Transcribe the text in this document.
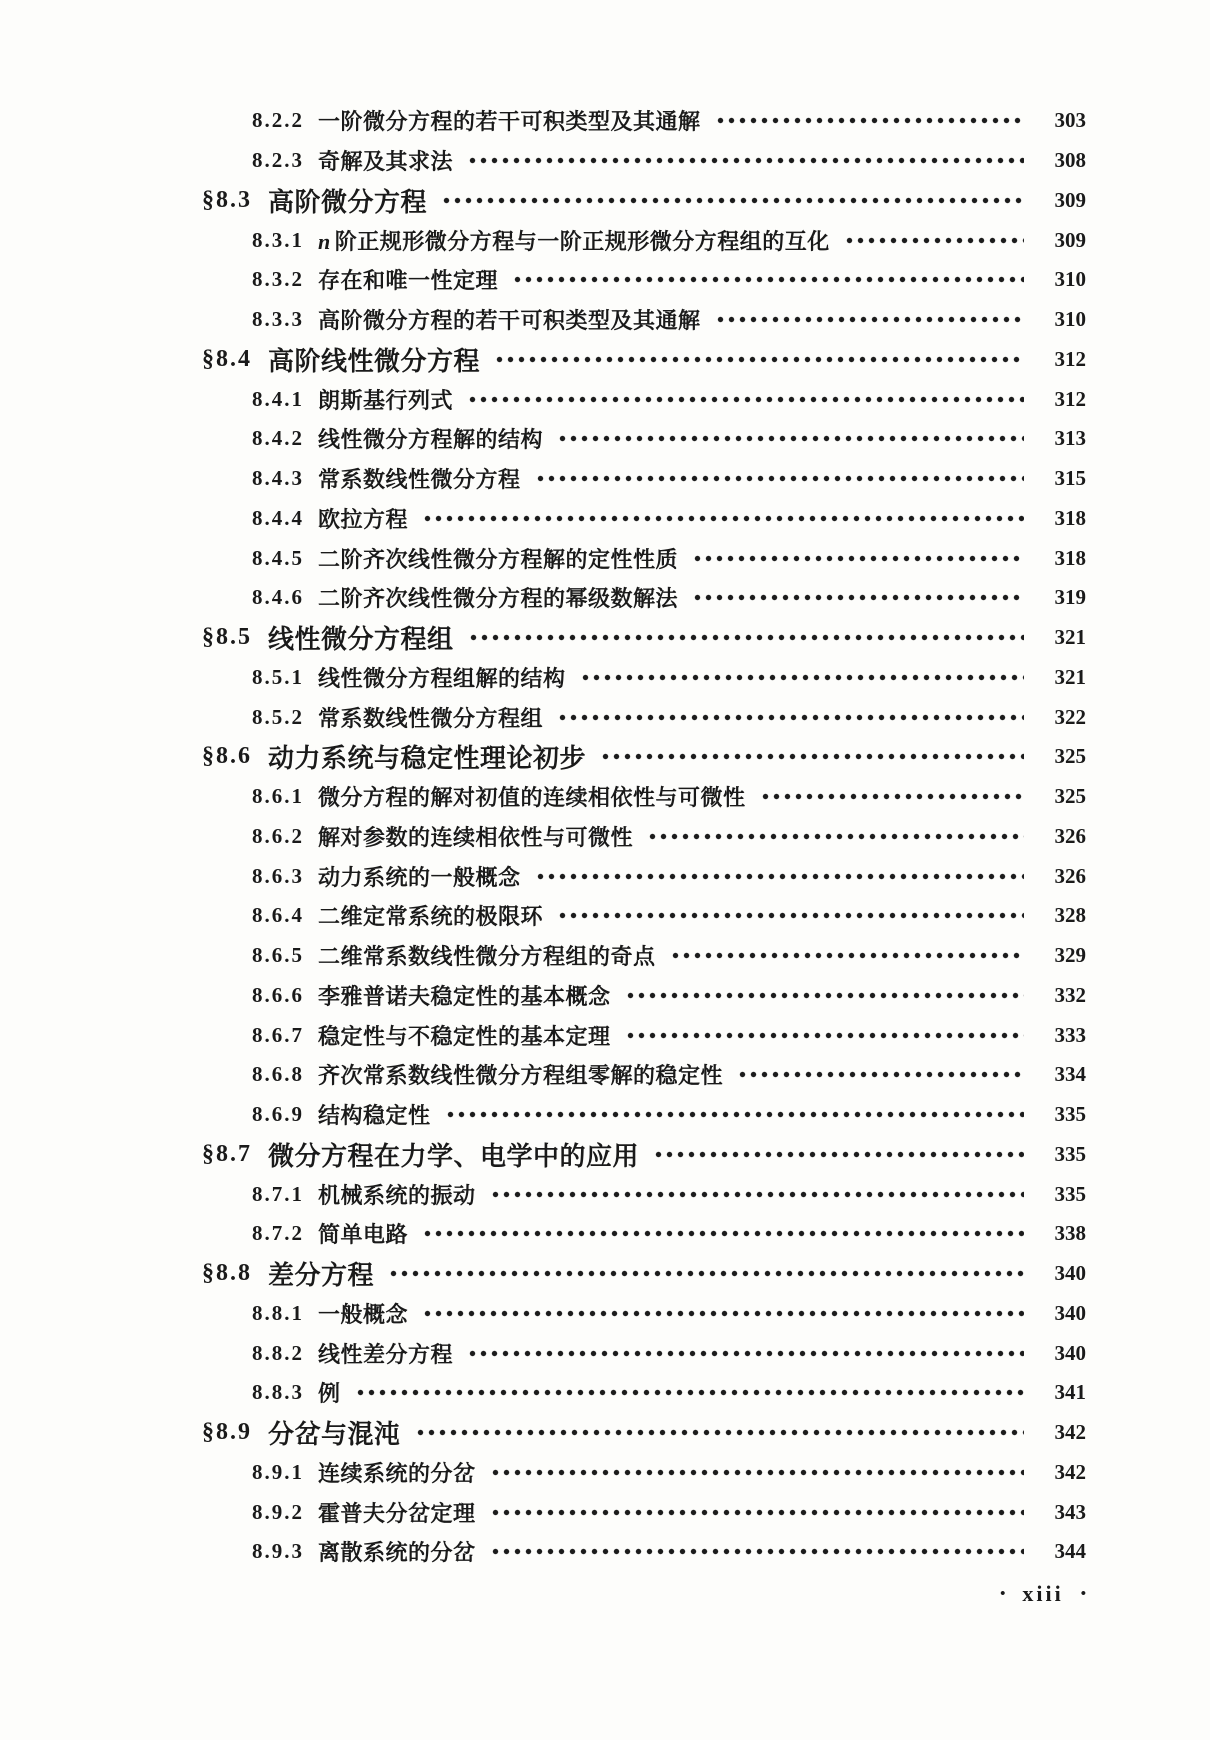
8.2.2 一阶微分方程的若干可积类型及其通解	303
8.2.3 奇解及其求法	308
§8.3 高阶微分方程	309
8.3.1 n 阶正规形微分方程与一阶正规形微分方程组的互化	309
8.3.2 存在和唯一性定理	310
8.3.3 高阶微分方程的若干可积类型及其通解	310
§8.4 高阶线性微分方程	312
8.4.1 朗斯基行列式	312
8.4.2 线性微分方程解的结构	313
8.4.3 常系数线性微分方程	315
8.4.4 欧拉方程	318
8.4.5 二阶齐次线性微分方程解的定性性质	318
8.4.6 二阶齐次线性微分方程的幂级数解法	319
§8.5 线性微分方程组	321
8.5.1 线性微分方程组解的结构	321
8.5.2 常系数线性微分方程组	322
§8.6 动力系统与稳定性理论初步	325
8.6.1 微分方程的解对初值的连续相依性与可微性	325
8.6.2 解对参数的连续相依性与可微性	326
8.6.3 动力系统的一般概念	326
8.6.4 二维定常系统的极限环	328
8.6.5 二维常系数线性微分方程组的奇点	329
8.6.6 李雅普诺夫稳定性的基本概念	332
8.6.7 稳定性与不稳定性的基本定理	333
8.6.8 齐次常系数线性微分方程组零解的稳定性	334
8.6.9 结构稳定性	335
§8.7 微分方程在力学、电学中的应用	335
8.7.1 机械系统的振动	335
8.7.2 简单电路	338
§8.8 差分方程	340
8.8.1 一般概念	340
8.8.2 线性差分方程	340
8.8.3 例	341
§8.9 分岔与混沌	342
8.9.1 连续系统的分岔	342
8.9.2 霍普夫分岔定理	343
8.9.3 离散系统的分岔	344
• xiii •
